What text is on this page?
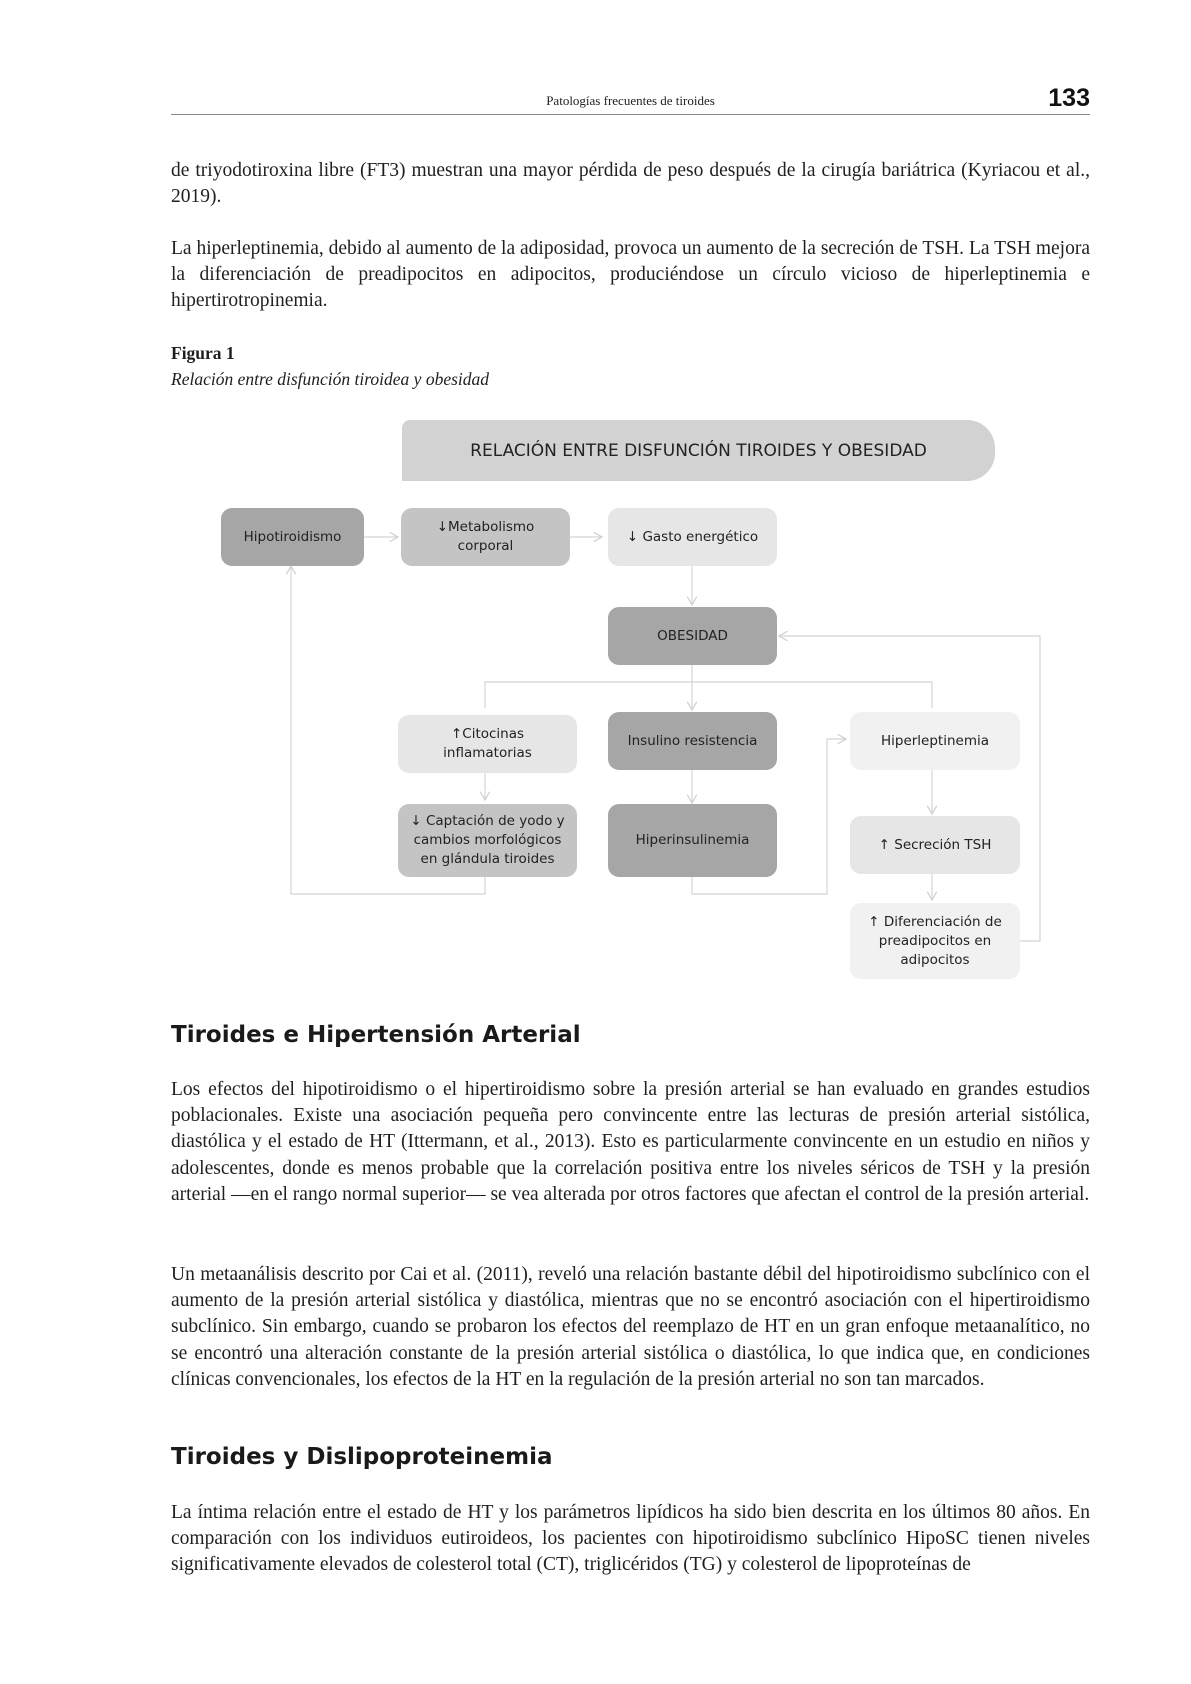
Patologías frecuentes de tiroides	133

de triyodotiroxina libre (FT3) muestran una mayor pérdida de peso después de la cirugía bariátrica (Kyriacou et al., 2019).

La hiperleptinemia, debido al aumento de la adiposidad, provoca un aumento de la secreción de TSH. La TSH mejora la diferenciación de preadipocitos en adipocitos, produciéndose un círculo vicioso de hiperleptinemia e hipertirotropinemia.

Figura 1
Relación entre disfunción tiroidea y obesidad
RELACIÓN ENTRE DISFUNCIÓN TIROIDES Y OBESIDAD
Hipotiroidismo
↓Metabolismo corporal
↓ Gasto energético
OBESIDAD
↑Citocinas inflamatorias
Insulino resistencia	Hiperleptinemia
↓ Captación de yodo y cambios morfológicos en glándula tiroides
Hiperinsulinemia	↑ Secreción TSH
↑ Diferenciación de preadipocitos en adipocitos
Tiroides e Hipertensión Arterial

Los efectos del hipotiroidismo o el hipertiroidismo sobre la presión arterial se han evaluado en grandes estudios poblacionales. Existe una asociación pequeña pero convincente entre las lecturas de presión arterial sistólica, diastólica y el estado de HT (Ittermann, et al., 2013). Esto es particularmente convincente en un estudio en niños y adolescentes, donde es menos probable que la correlación positiva entre los niveles séricos de TSH y la presión arterial —en el rango normal superior— se vea alterada por otros factores que afectan el control de la presión arterial.

Un metaanálisis descrito por Cai et al. (2011), reveló una relación bastante débil del hipotiroidismo subclínico con el aumento de la presión arterial sistólica y diastólica, mientras que no se encontró asociación con el hipertiroidismo subclínico. Sin embargo, cuando se probaron los efectos del reemplazo de HT en un gran enfoque metaanalítico, no se encontró una alteración constante de la presión arterial sistólica o diastólica, lo que indica que, en condiciones clínicas convencionales, los efectos de la HT en la regulación de la presión arterial no son tan marcados.

Tiroides y Dislipoproteinemia

La íntima relación entre el estado de HT y los parámetros lipídicos ha sido bien descrita en los últimos 80 años. En comparación con los individuos eutiroideos, los pacientes con hipotiroidismo subclínico HipoSC tienen niveles significativamente elevados de colesterol total (CT), triglicéridos (TG) y colesterol de lipoproteínas de
